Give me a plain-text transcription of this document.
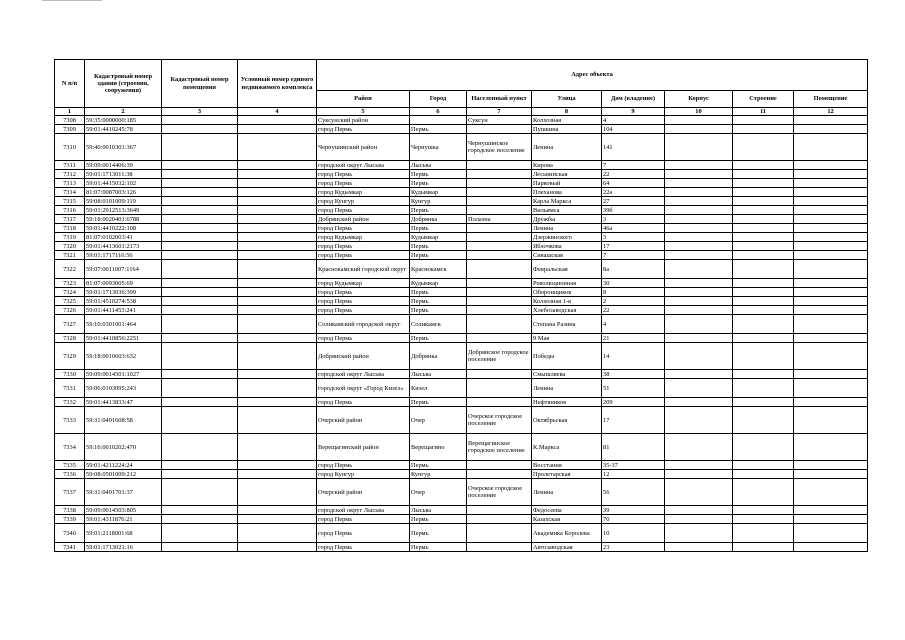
N п/п	Кадастровый номер здания (строения, сооружения)	Кадастровый номер помещения	Условный номер единого недвижимого комплекса	Адрес объекта							
				Район	Город	Населенный пункт	Улица	Дом (владение)	Корпус	Строение	Помещение
1	2	3	4	5	6	7	8	9	10	11	12
7308	59:35:0000000:185			Суксунский район		Суксун	Колхозная	4			
7309	59:01:4410245:78			город Пермь	Пермь		Пушкина	104			
7310	59:40:0010301:367			Чернушинский район	Чернушка	Чернушинское городское поселение	Ленина	141			
7311	59:09:0014406:39			городской округ Лысьва	Лысьва		Кирова	7			
7312	59:01:1713011:38			город Пермь	Пермь		Лесьвинская	22			
7313	59:01:4415032:102			город Пермь	Пермь		Парковый	64			
7314	81:07:0087003:126			город Кудымкар	Кудымкар		Плеханова	22а			
7315	59:08:0101009:119			город Кунгур	Кунгур		Карла Маркса	27			
7316	59:01:2912513:3649			город Пермь	Пермь		Вильямса	39б			
7317	59:18:0020401:6788			Добрянский район	Добрянка	Полазна	Дружбы	3			
7318	59:01:4410222:108			город Пермь	Пермь		Ленина	46а			
7319	81:07:0102003:41			город Кудымкар	Кудымкар		Дзержинского	3			
7320	59:01:4413601:2173			город Пермь	Пермь		Яблочкова	17			
7321	59:01:1717116:56			город Пермь	Пермь		Сивашская	7			
7322	59:07:0011007:1164			Краснокамский городской округ	Краснокамск		Февральская	8а			
7323	81:07:0093005:69			город Кудымкар	Кудымкар		Революционная	30			
7324	59:01:1713036:399			город Пермь	Пермь		Оборонщиков	8			
7325	59:01:4510274:538			город Пермь	Пермь		Колхозная 1-я	2			
7326	59:01:4411453:241			город Пермь	Пермь		Хлебозаводская	22			
7327	59:10:0301001:464			Соликамский городской округ	Соликамск		Степана Разина	4			
7328	59:01:4410856:2251			город Пермь	Пермь		9 Мая	21			
7329	59:18:0010603:632			Добрянский район	Добрянка	Добрянское городское поселение	Победы	14			
7330	59:09:0014501:1027			городской округ Лысьва	Лысьва		Смышляева	38			
7331	59:06:0103095:243			городской округ «Город Кизел»	Кизел		Ленина	51			
7332	59:01:4413833:47			город Пермь	Пермь		Нефтяников	209			
7333	59:31:0491608:58			Очерский район	Очер	Очерское городское поселение	Октябрьская	17			
7334	59:16:0010202:470			Верещагинский район	Верещагино	Верещагинское городское поселение	К.Маркса	81			
7335	59:01:4211224:24			город Пермь	Пермь		Восстания	35-37			
7336	59:08:0501009:212			город Кунгур	Кунгур		Пролетарская	12			
7337	59:31:0491701:37			Очерский район	Очер	Очерское городское поселение	Ленина	56			
7338	59:09:0014503:805			городской округ Лысьва	Лысьва		Федосеева	39			
7339	59:01:4311876:21			город Пермь	Пермь		Казахская	70			
7340	59:01:2118001:68			город Пермь	Пермь		Академика Королева	10			
7341	59:01:1713021:16			город Пермь	Пермь		Автозаводская	23			
